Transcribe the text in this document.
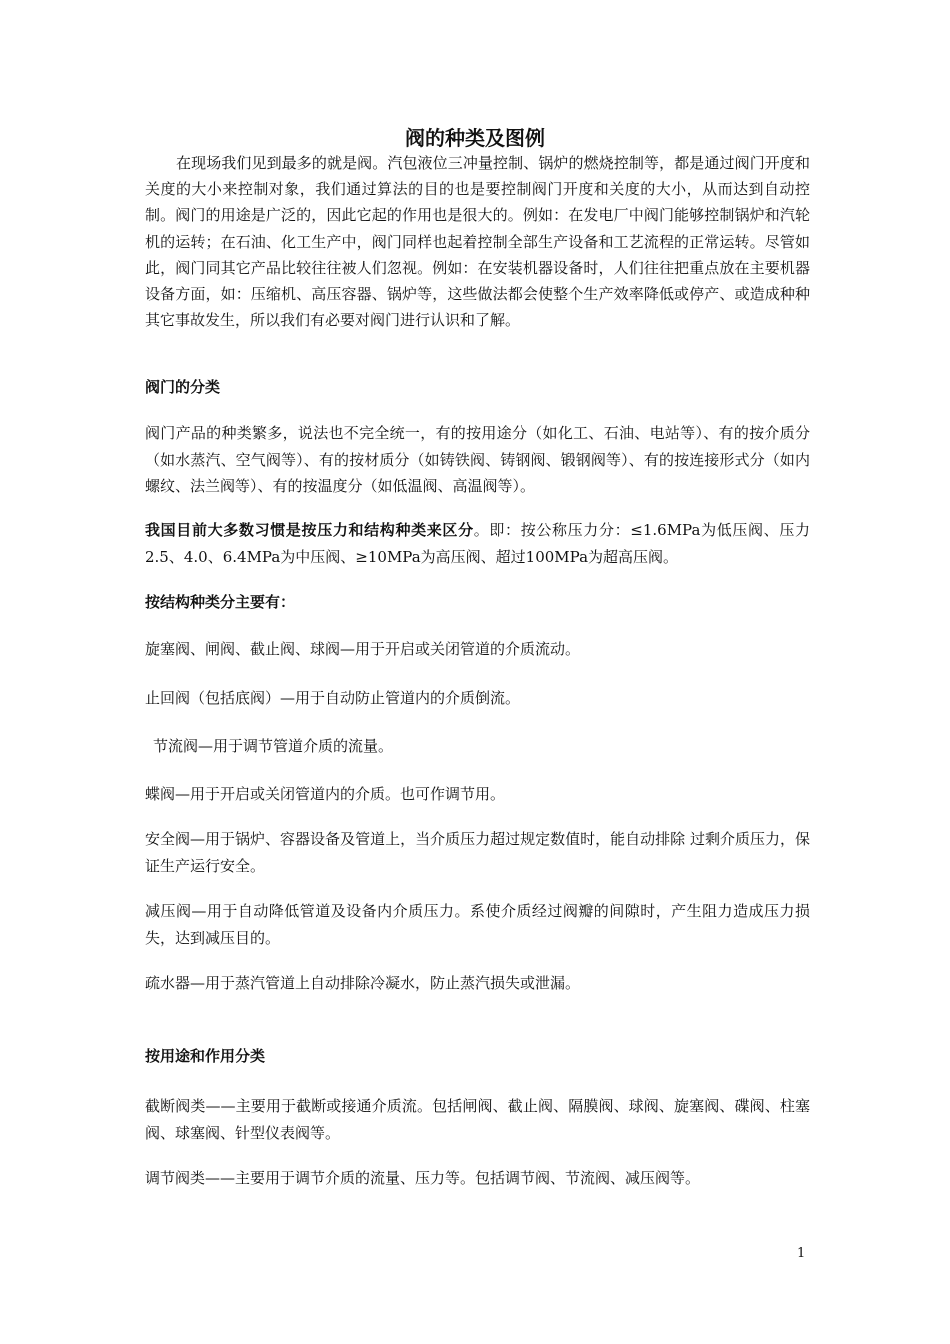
阀的种类及图例

在现场我们见到最多的就是阀。汽包液位三冲量控制、锅炉的燃烧控制等，都是通过阀门开度和关度的大小来控制对象，我们通过算法的目的也是要控制阀门开度和关度的大小，从而达到自动控制。阀门的用途是广泛的，因此它起的作用也是很大的。例如：在发电厂中阀门能够控制锅炉和汽轮机的运转；在石油、化工生产中，阀门同样也起着控制全部生产设备和工艺流程的正常运转。尽管如此，阀门同其它产品比较往往被人们忽视。例如：在安装机器设备时，人们往往把重点放在主要机器设备方面，如：压缩机、高压容器、锅炉等，这些做法都会使整个生产效率降低或停产、或造成种种其它事故发生，所以我们有必要对阀门进行认识和了解。

阀门的分类

阀门产品的种类繁多，说法也不完全统一，有的按用途分（如化工、石油、电站等）、有的按介质分（如水蒸汽、空气阀等）、有的按材质分（如铸铁阀、铸钢阀、锻钢阀等）、有的按连接形式分（如内螺纹、法兰阀等）、有的按温度分（如低温阀、高温阀等）。

我国目前大多数习惯是按压力和结构种类来区分。即：按公称压力分：≤1.6MPa为低压阀、压力2.5、4.0、6.4MPa为中压阀、≥10MPa为高压阀、超过100MPa为超高压阀。

按结构种类分主要有：

旋塞阀、闸阀、截止阀、球阀—用于开启或关闭管道的介质流动。

止回阀（包括底阀）—用于自动防止管道内的介质倒流。

节流阀—用于调节管道介质的流量。

蝶阀—用于开启或关闭管道内的介质。也可作调节用。

安全阀—用于锅炉、容器设备及管道上，当介质压力超过规定数值时，能自动排除 过剩介质压力，保证生产运行安全。

减压阀—用于自动降低管道及设备内介质压力。系使介质经过阀瓣的间隙时，产生阻力造成压力损失，达到减压目的。

疏水器—用于蒸汽管道上自动排除冷凝水，防止蒸汽损失或泄漏。

按用途和作用分类

截断阀类——主要用于截断或接通介质流。包括闸阀、截止阀、隔膜阀、球阀、旋塞阀、碟阀、柱塞阀、球塞阀、针型仪表阀等。

调节阀类——主要用于调节介质的流量、压力等。包括调节阀、节流阀、减压阀等。

1
